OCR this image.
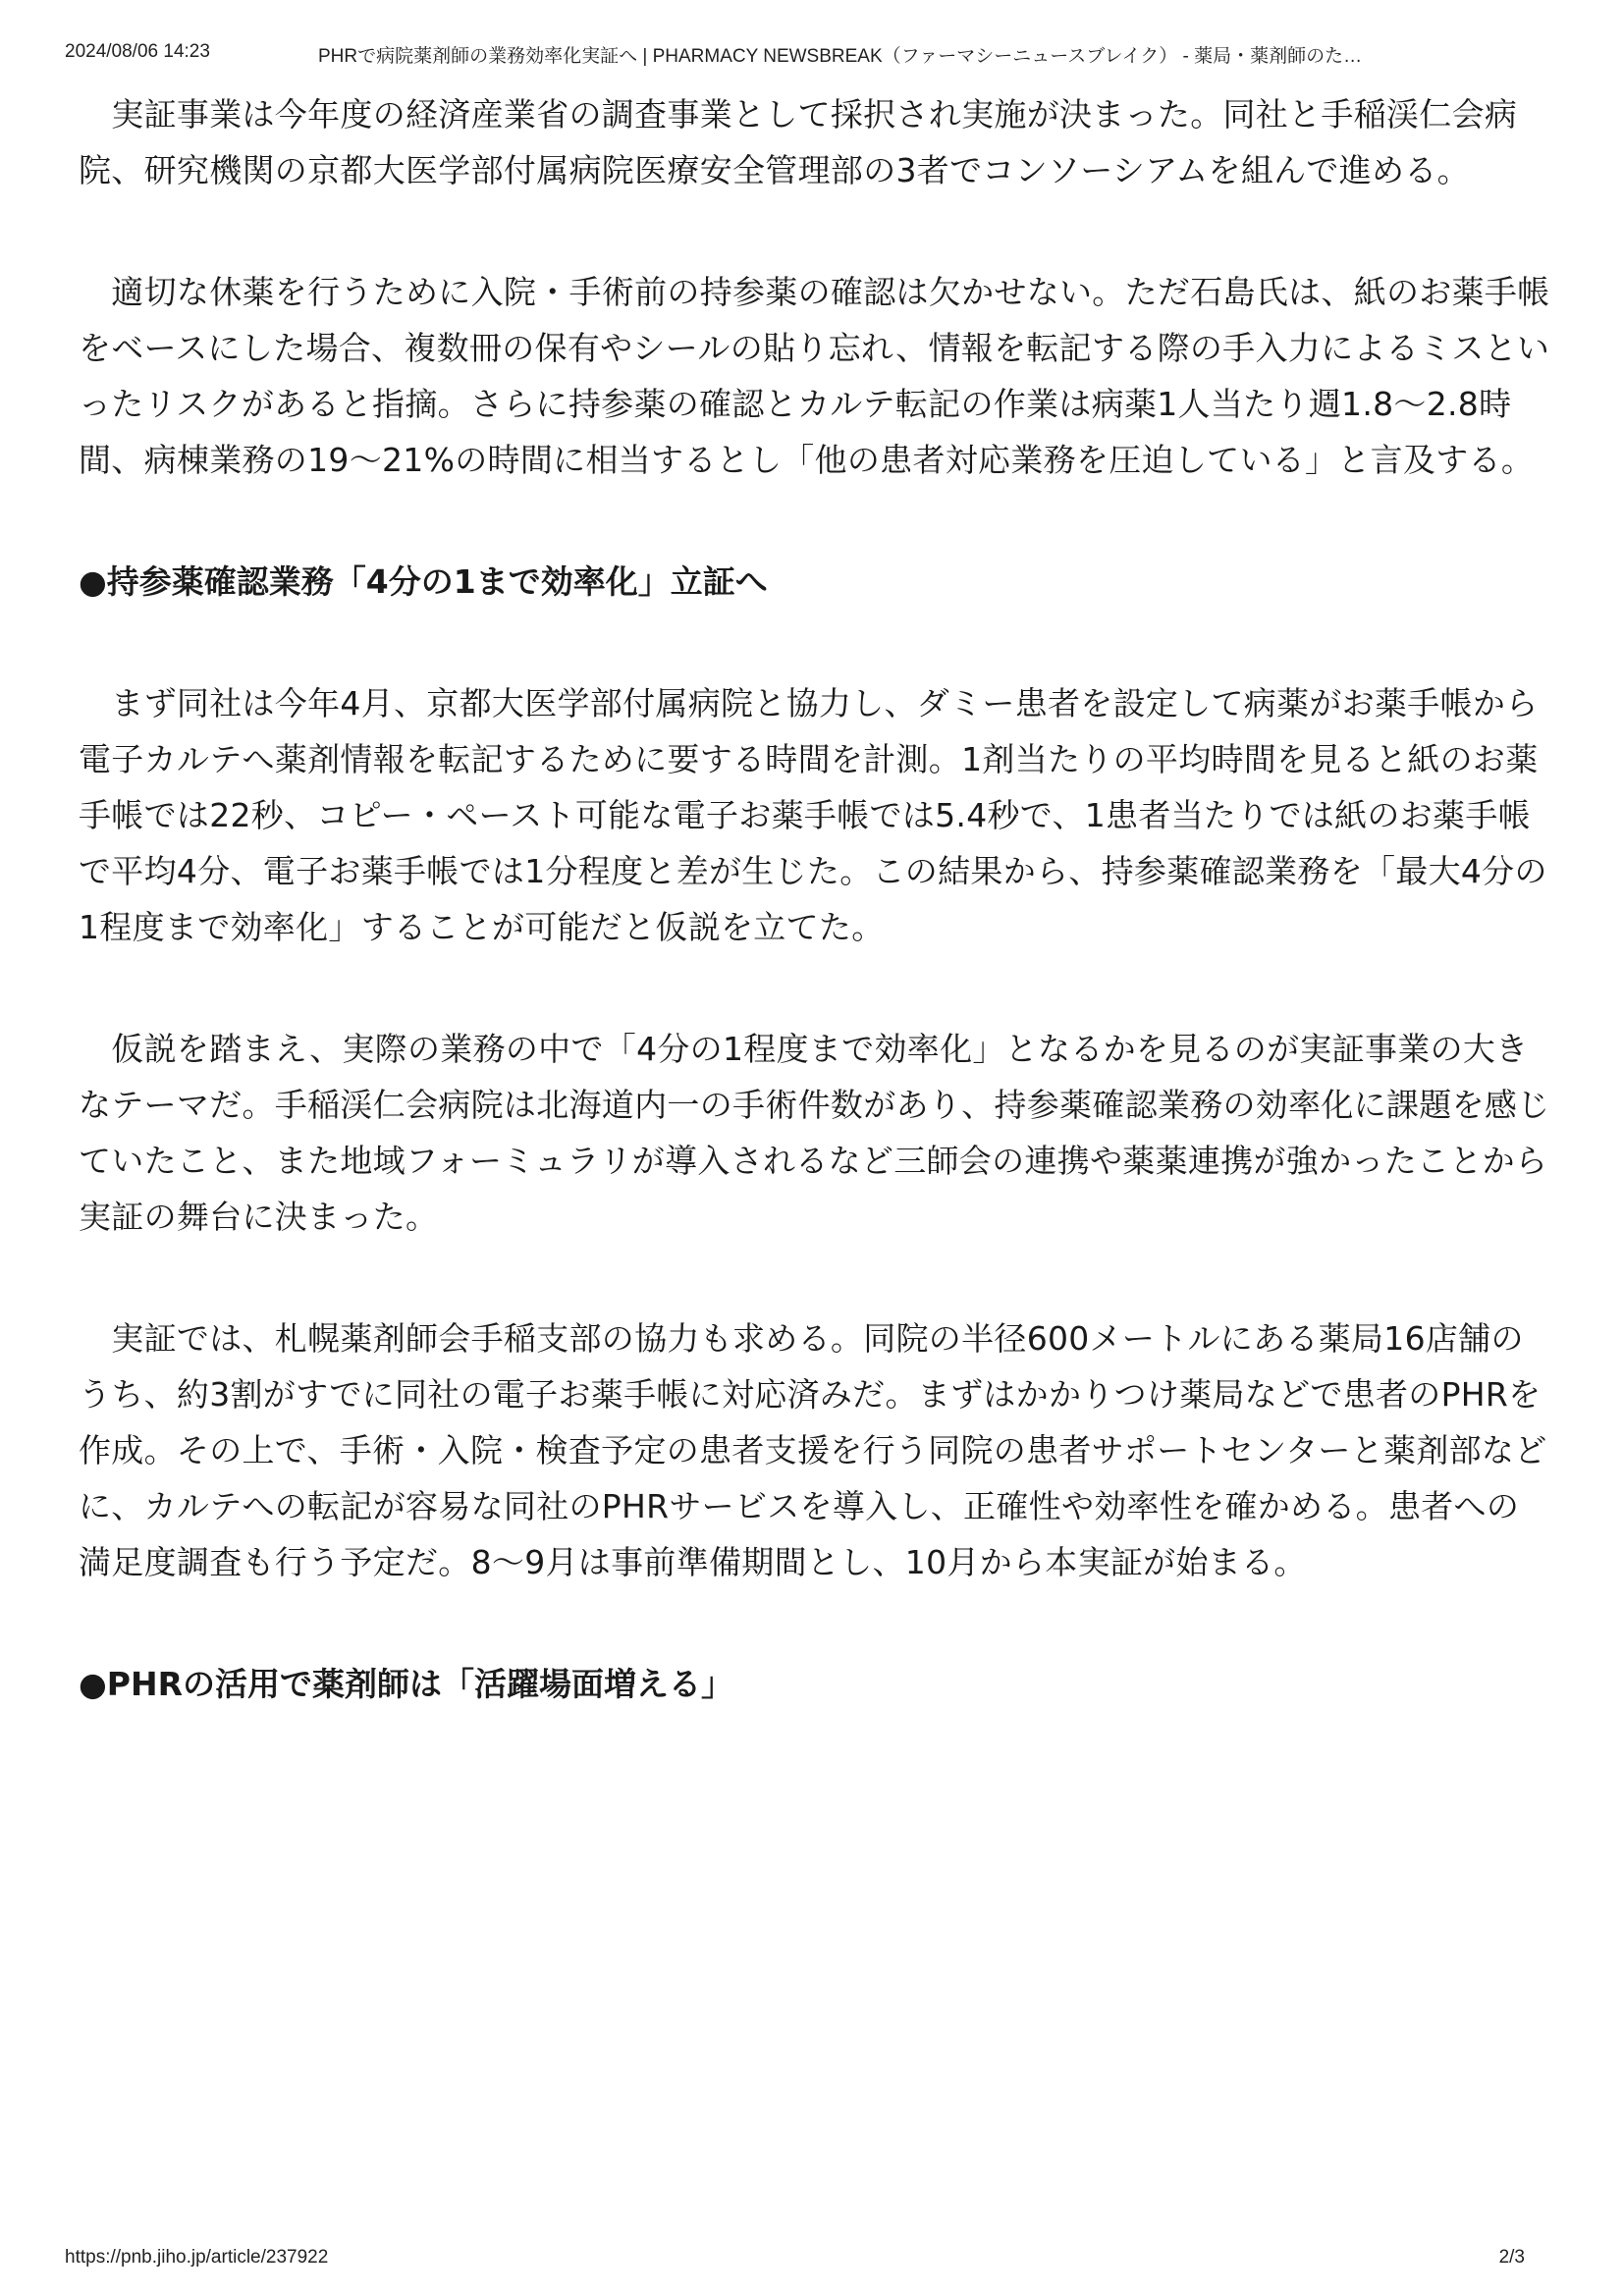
2024/08/06 14:23	PHRで病院薬剤師の業務効率化実証へ | PHARMACY NEWSBREAK（ファーマシーニュースブレイク） - 薬局・薬剤師のた…

　実証事業は今年度の経済産業省の調査事業として採択され実施が決まった。同社と手稲渓仁会病院、研究機関の京都大医学部付属病院医療安全管理部の3者でコンソーシアムを組んで進める。

　適切な休薬を行うために入院・手術前の持参薬の確認は欠かせない。ただ石島氏は、紙のお薬手帳をベースにした場合、複数冊の保有やシールの貼り忘れ、情報を転記する際の手入力によるミスといったリスクがあると指摘。さらに持参薬の確認とカルテ転記の作業は病薬1人当たり週1.8～2.8時間、病棟業務の19～21%の時間に相当するとし「他の患者対応業務を圧迫している」と言及する。

●持参薬確認業務「4分の1まで効率化」立証へ

　まず同社は今年4月、京都大医学部付属病院と協力し、ダミー患者を設定して病薬がお薬手帳から電子カルテへ薬剤情報を転記するために要する時間を計測。1剤当たりの平均時間を見ると紙のお薬手帳では22秒、コピー・ペースト可能な電子お薬手帳では5.4秒で、1患者当たりでは紙のお薬手帳で平均4分、電子お薬手帳では1分程度と差が生じた。この結果から、持参薬確認業務を「最大4分の1程度まで効率化」することが可能だと仮説を立てた。

　仮説を踏まえ、実際の業務の中で「4分の1程度まで効率化」となるかを見るのが実証事業の大きなテーマだ。手稲渓仁会病院は北海道内一の手術件数があり、持参薬確認業務の効率化に課題を感じていたこと、また地域フォーミュラリが導入されるなど三師会の連携や薬薬連携が強かったことから実証の舞台に決まった。

　実証では、札幌薬剤師会手稲支部の協力も求める。同院の半径600メートルにある薬局16店舗のうち、約3割がすでに同社の電子お薬手帳に対応済みだ。まずはかかりつけ薬局などで患者のPHRを作成。その上で、手術・入院・検査予定の患者支援を行う同院の患者サポートセンターと薬剤部などに、カルテへの転記が容易な同社のPHRサービスを導入し、正確性や効率性を確かめる。患者への満足度調査も行う予定だ。8～9月は事前準備期間とし、10月から本実証が始まる。

●PHRの活用で薬剤師は「活躍場面増える」
https://pnb.jiho.jp/article/237922	2/3
